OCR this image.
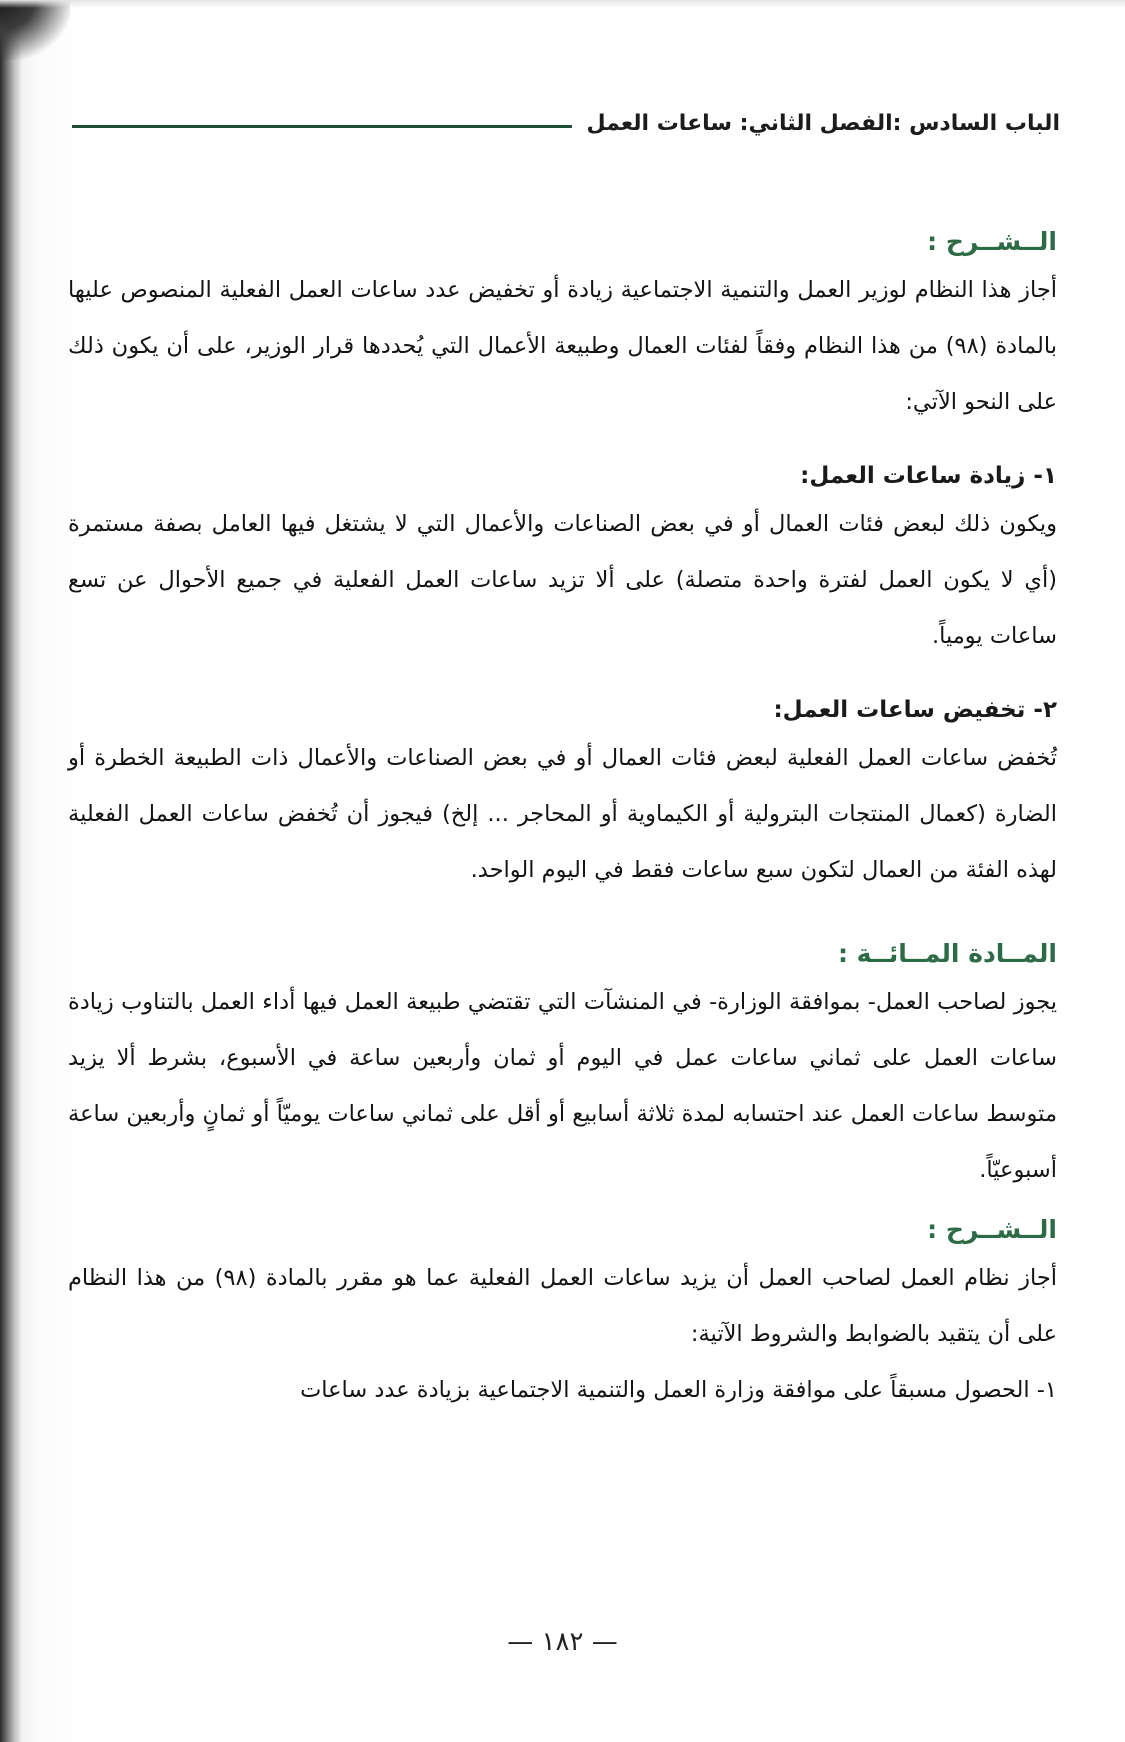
الباب السادس :الفصل الثاني: ساعات العمل
الــشــرح :

أجاز هذا النظام لوزير العمل والتنمية الاجتماعية زيادة أو تخفيض عدد ساعات العمل الفعلية المنصوص عليها بالمادة (٩٨) من هذا النظام وفقاً لفئات العمال وطبيعة الأعمال التي يُحددها قرار الوزير، على أن يكون ذلك على النحو الآتي:

١- زيادة ساعات العمل:

ويكون ذلك لبعض فئات العمال أو في بعض الصناعات والأعمال التي لا يشتغل فيها العامل بصفة مستمرة (أي لا يكون العمل لفترة واحدة متصلة) على ألا تزيد ساعات العمل الفعلية في جميع الأحوال عن تسع ساعات يومياً.

٢- تخفيض ساعات العمل:

تُخفض ساعات العمل الفعلية لبعض فئات العمال أو في بعض الصناعات والأعمال ذات الطبيعة الخطرة أو الضارة (كعمال المنتجات البترولية أو الكيماوية أو المحاجر ... إلخ) فيجوز أن تُخفض ساعات العمل الفعلية لهذه الفئة من العمال لتكون سبع ساعات فقط في اليوم الواحد.

المــادة المــائــة :

يجوز لصاحب العمل- بموافقة الوزارة- في المنشآت التي تقتضي طبيعة العمل فيها أداء العمل بالتناوب زيادة ساعات العمل على ثماني ساعات عمل في اليوم أو ثمان وأربعين ساعة في الأسبوع، بشرط ألا يزيد متوسط ساعات العمل عند احتسابه لمدة ثلاثة أسابيع أو أقل على ثماني ساعات يوميّاً أو ثمانٍ وأربعين ساعة أسبوعيّاً.

الــشــرح :

أجاز نظام العمل لصاحب العمل أن يزيد ساعات العمل الفعلية عما هو مقرر بالمادة (٩٨) من هذا النظام على أن يتقيد بالضوابط والشروط الآتية:

١- الحصول مسبقاً على موافقة وزارة العمل والتنمية الاجتماعية بزيادة عدد ساعات

— ١٨٢ —
